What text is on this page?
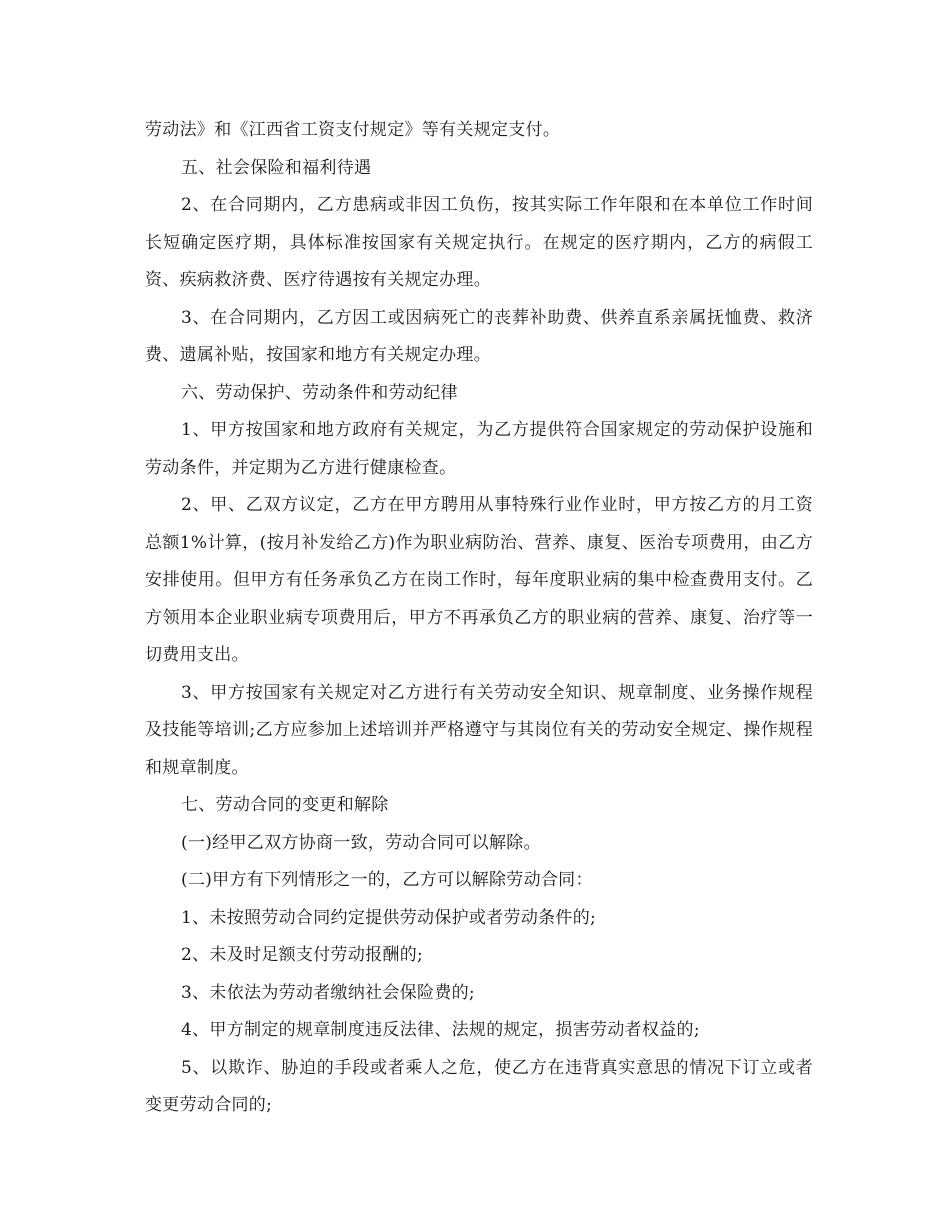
劳动法》和《江西省工资支付规定》等有关规定支付。

五、社会保险和福利待遇

2、在合同期内，乙方患病或非因工负伤，按其实际工作年限和在本单位工作时间长短确定医疗期，具体标准按国家有关规定执行。在规定的医疗期内，乙方的病假工资、疾病救济费、医疗待遇按有关规定办理。

3、在合同期内，乙方因工或因病死亡的丧葬补助费、供养直系亲属抚恤费、救济费、遗属补贴，按国家和地方有关规定办理。

六、劳动保护、劳动条件和劳动纪律

1、甲方按国家和地方政府有关规定，为乙方提供符合国家规定的劳动保护设施和劳动条件，并定期为乙方进行健康检查。

2、甲、乙双方议定，乙方在甲方聘用从事特殊行业作业时，甲方按乙方的月工资总额1%计算，(按月补发给乙方)作为职业病防治、营养、康复、医治专项费用，由乙方安排使用。但甲方有任务承负乙方在岗工作时，每年度职业病的集中检查费用支付。乙方领用本企业职业病专项费用后，甲方不再承负乙方的职业病的营养、康复、治疗等一切费用支出。

3、甲方按国家有关规定对乙方进行有关劳动安全知识、规章制度、业务操作规程及技能等培训;乙方应参加上述培训并严格遵守与其岗位有关的劳动安全规定、操作规程和规章制度。

七、劳动合同的变更和解除

(一)经甲乙双方协商一致，劳动合同可以解除。

(二)甲方有下列情形之一的，乙方可以解除劳动合同：

1、未按照劳动合同约定提供劳动保护或者劳动条件的;

2、未及时足额支付劳动报酬的;

3、未依法为劳动者缴纳社会保险费的;

4、甲方制定的规章制度违反法律、法规的规定，损害劳动者权益的;

5、以欺诈、胁迫的手段或者乘人之危，使乙方在违背真实意思的情况下订立或者变更劳动合同的;
